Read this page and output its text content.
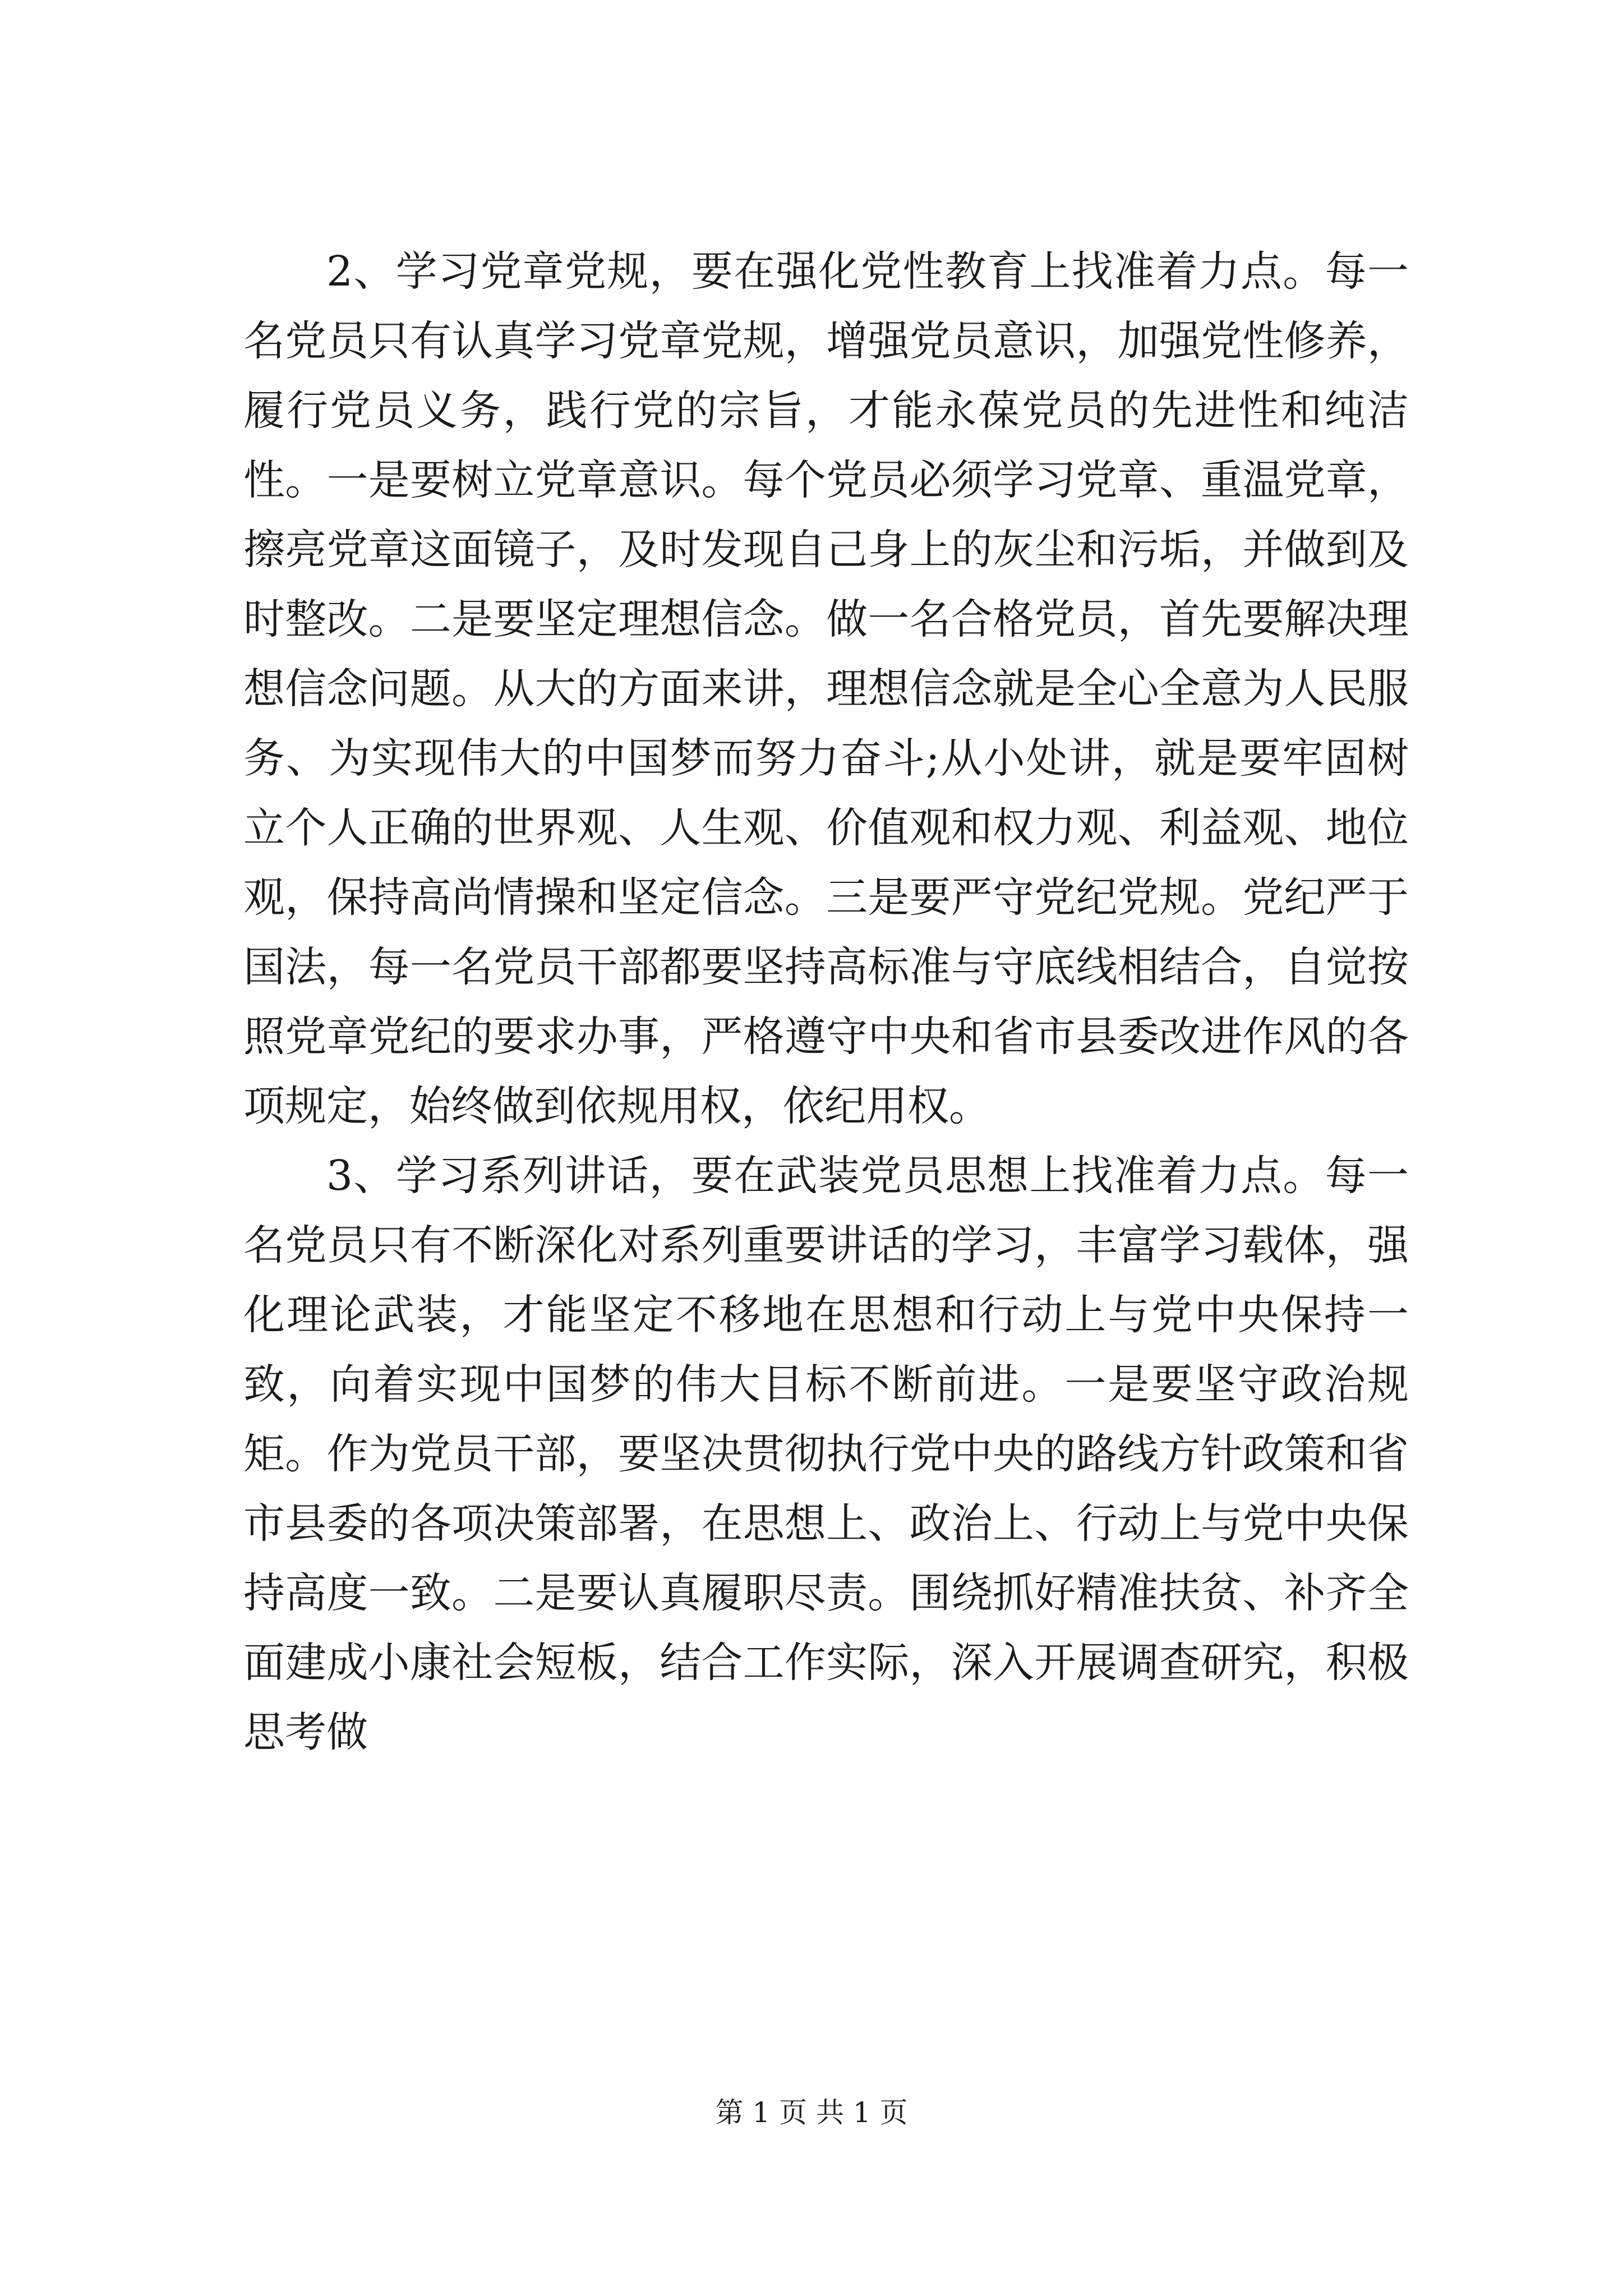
2、学习党章党规，要在强化党性教育上找准着力点。每一名党员只有认真学习党章党规，增强党员意识，加强党性修养，履行党员义务，践行党的宗旨，才能永葆党员的先进性和纯洁性。一是要树立党章意识。每个党员必须学习党章、重温党章，擦亮党章这面镜子，及时发现自己身上的灰尘和污垢，并做到及时整改。二是要坚定理想信念。做一名合格党员，首先要解决理想信念问题。从大的方面来讲，理想信念就是全心全意为人民服务、为实现伟大的中国梦而努力奋斗;从小处讲，就是要牢固树立个人正确的世界观、人生观、价值观和权力观、利益观、地位观，保持高尚情操和坚定信念。三是要严守党纪党规。党纪严于国法，每一名党员干部都要坚持高标准与守底线相结合，自觉按照党章党纪的要求办事，严格遵守中央和省市县委改进作风的各项规定，始终做到依规用权，依纪用权。

3、学习系列讲话，要在武装党员思想上找准着力点。每一名党员只有不断深化对系列重要讲话的学习，丰富学习载体，强化理论武装，才能坚定不移地在思想和行动上与党中央保持一致，向着实现中国梦的伟大目标不断前进。一是要坚守政治规矩。作为党员干部，要坚决贯彻执行党中央的路线方针政策和省市县委的各项决策部署，在思想上、政治上、行动上与党中央保持高度一致。二是要认真履职尽责。围绕抓好精准扶贫、补齐全面建成小康社会短板，结合工作实际，深入开展调查研究，积极思考做

第 1 页 共 1 页
